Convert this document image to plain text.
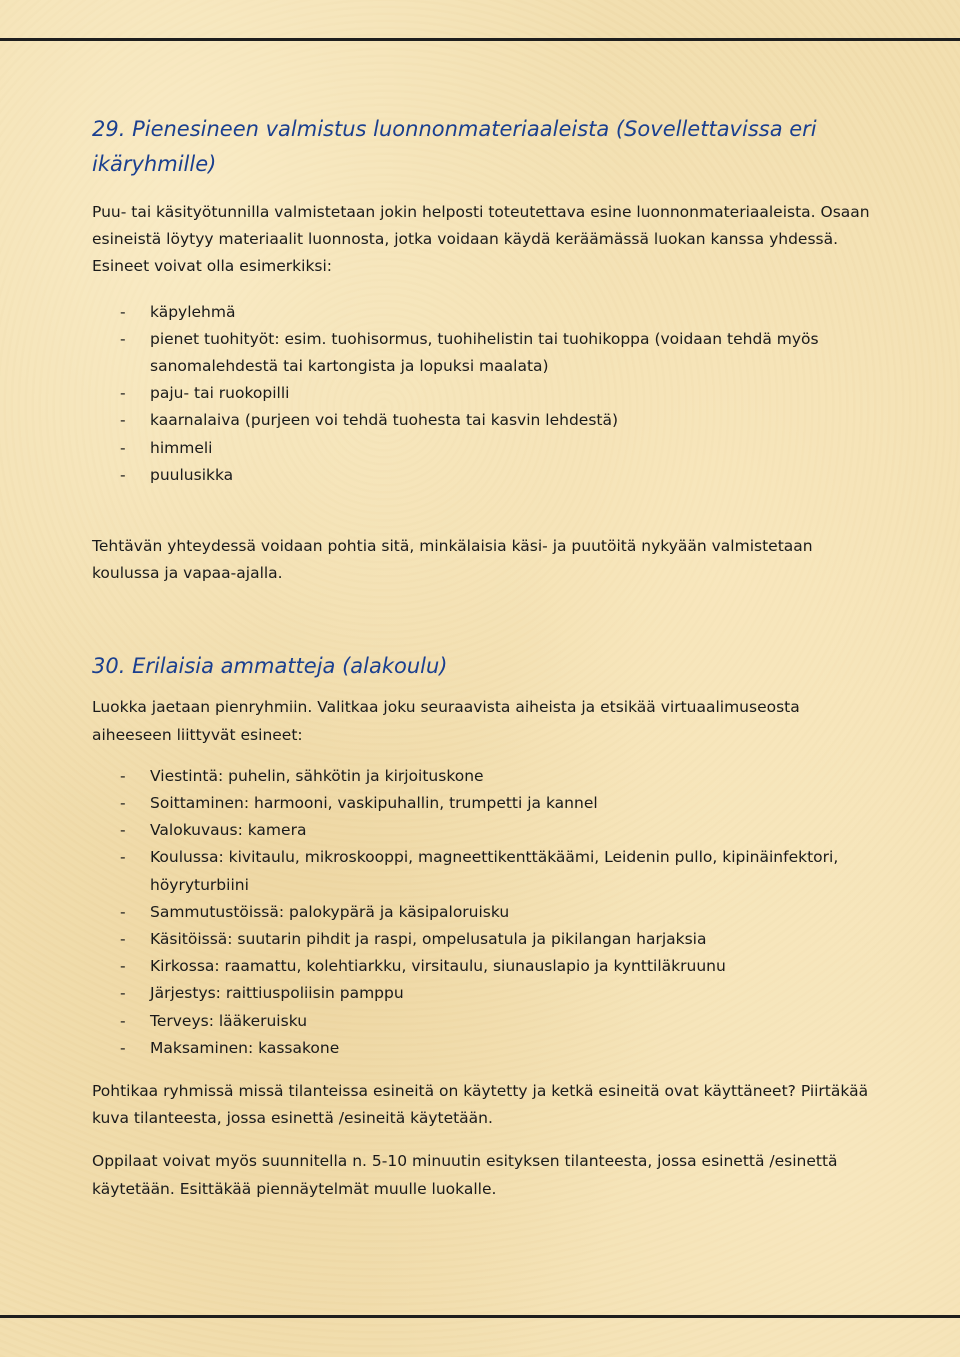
29. Pienesineen valmistus luonnonmateriaaleista (Sovellettavissa eri ikäryhmille)

Puu- tai käsityötunnilla valmistetaan jokin helposti toteutettava esine luonnonmateriaaleista. Osaan esineistä löytyy materiaalit luonnosta, jotka voidaan käydä keräämässä luokan kanssa yhdessä.

Esineet voivat olla esimerkiksi:

- käpylehmä
- pienet tuohityöt: esim. tuohisormus, tuohihelistin tai tuohikoppa (voidaan tehdä myös sanomalehdestä tai kartongista ja lopuksi maalata)
- paju- tai ruokopilli
- kaarnalaiva (purjeen voi tehdä tuohesta tai kasvin lehdestä)
- himmeli
- puulusikka

Tehtävän yhteydessä voidaan pohtia sitä, minkälaisia käsi- ja puutöitä nykyään valmistetaan koulussa ja vapaa-ajalla.

30. Erilaisia ammatteja (alakoulu)

Luokka jaetaan pienryhmiin. Valitkaa joku seuraavista aiheista ja etsikää virtuaalimuseosta aiheeseen liittyvät esineet:

- Viestintä: puhelin, sähkötin ja kirjoituskone
- Soittaminen: harmooni, vaskipuhallin, trumpetti ja kannel
- Valokuvaus: kamera
- Koulussa: kivitaulu, mikroskooppi, magneettikenttäkäämi, Leidenin pullo, kipinäinfektori, höyryturbiini
- Sammutustöissä: palokypärä ja käsipaloruisku
- Käsitöissä: suutarin pihdit ja raspi, ompelusatula ja pikilangan harjaksia
- Kirkossa: raamattu, kolehtiarkku, virsitaulu, siunauslapio ja kynttiläkruunu
- Järjestys: raittiuspoliisin pamppu
- Terveys: lääkeruisku
- Maksaminen: kassakone

Pohtikaa ryhmissä missä tilanteissa esineitä on käytetty ja ketkä esineitä ovat käyttäneet? Piirtäkää kuva tilanteesta, jossa esinettä /esineitä käytetään.

Oppilaat voivat myös suunnitella n. 5-10 minuutin esityksen tilanteesta, jossa esinettä /esinettä käytetään. Esittäkää piennäytelmät muulle luokalle.
